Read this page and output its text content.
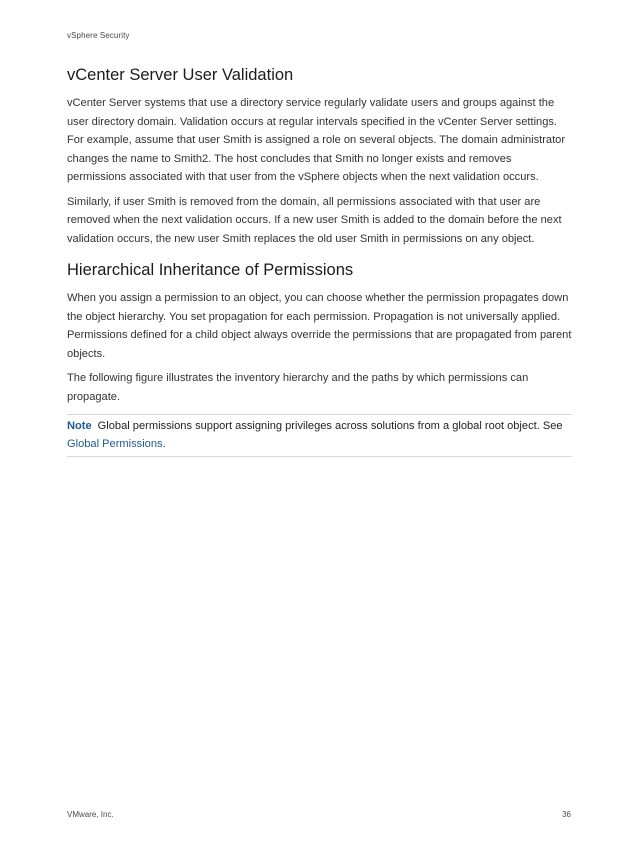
vSphere Security
vCenter Server User Validation

vCenter Server systems that use a directory service regularly validate users and groups against the user directory domain. Validation occurs at regular intervals specified in the vCenter Server settings. For example, assume that user Smith is assigned a role on several objects. The domain administrator changes the name to Smith2. The host concludes that Smith no longer exists and removes permissions associated with that user from the vSphere objects when the next validation occurs.

Similarly, if user Smith is removed from the domain, all permissions associated with that user are removed when the next validation occurs. If a new user Smith is added to the domain before the next validation occurs, the new user Smith replaces the old user Smith in permissions on any object.

Hierarchical Inheritance of Permissions

When you assign a permission to an object, you can choose whether the permission propagates down the object hierarchy. You set propagation for each permission. Propagation is not universally applied. Permissions defined for a child object always override the permissions that are propagated from parent objects.

The following figure illustrates the inventory hierarchy and the paths by which permissions can propagate.

Note Global permissions support assigning privileges across solutions from a global root object. See Global Permissions.
VMware, Inc.	36
